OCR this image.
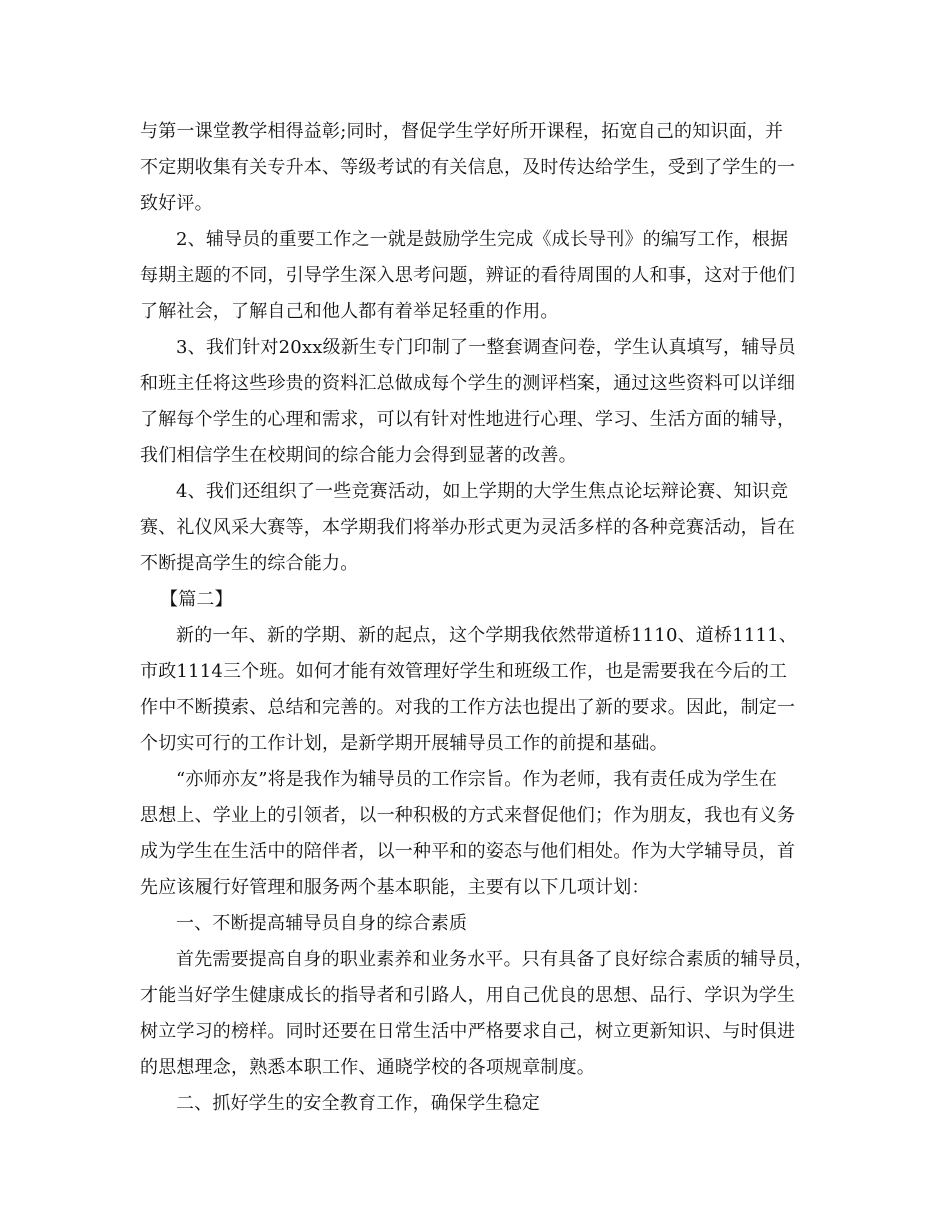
与第一课堂教学相得益彰;同时，督促学生学好所开课程，拓宽自己的知识面，并
不定期收集有关专升本、等级考试的有关信息，及时传达给学生，受到了学生的一
致好评。
2、辅导员的重要工作之一就是鼓励学生完成《成长导刊》的编写工作，根据
每期主题的不同，引导学生深入思考问题，辨证的看待周围的人和事，这对于他们
了解社会，了解自己和他人都有着举足轻重的作用。
3、我们针对20xx级新生专门印制了一整套调查问卷，学生认真填写，辅导员
和班主任将这些珍贵的资料汇总做成每个学生的测评档案，通过这些资料可以详细
了解每个学生的心理和需求，可以有针对性地进行心理、学习、生活方面的辅导，
我们相信学生在校期间的综合能力会得到显著的改善。
4、我们还组织了一些竞赛活动，如上学期的大学生焦点论坛辩论赛、知识竞
赛、礼仪风采大赛等，本学期我们将举办形式更为灵活多样的各种竞赛活动，旨在
不断提高学生的综合能力。
【篇二】
新的一年、新的学期、新的起点，这个学期我依然带道桥1110、道桥1111、
市政1114三个班。如何才能有效管理好学生和班级工作，也是需要我在今后的工
作中不断摸索、总结和完善的。对我的工作方法也提出了新的要求。因此，制定一
个切实可行的工作计划，是新学期开展辅导员工作的前提和基础。
“亦师亦友”将是我作为辅导员的工作宗旨。作为老师，我有责任成为学生在
思想上、学业上的引领者，以一种积极的方式来督促他们；作为朋友，我也有义务
成为学生在生活中的陪伴者，以一种平和的姿态与他们相处。作为大学辅导员，首
先应该履行好管理和服务两个基本职能，主要有以下几项计划：
一、不断提高辅导员自身的综合素质
首先需要提高自身的职业素养和业务水平。只有具备了良好综合素质的辅导员，
才能当好学生健康成长的指导者和引路人，用自己优良的思想、品行、学识为学生
树立学习的榜样。同时还要在日常生活中严格要求自己，树立更新知识、与时俱进
的思想理念，熟悉本职工作、通晓学校的各项规章制度。
二、抓好学生的安全教育工作，确保学生稳定
